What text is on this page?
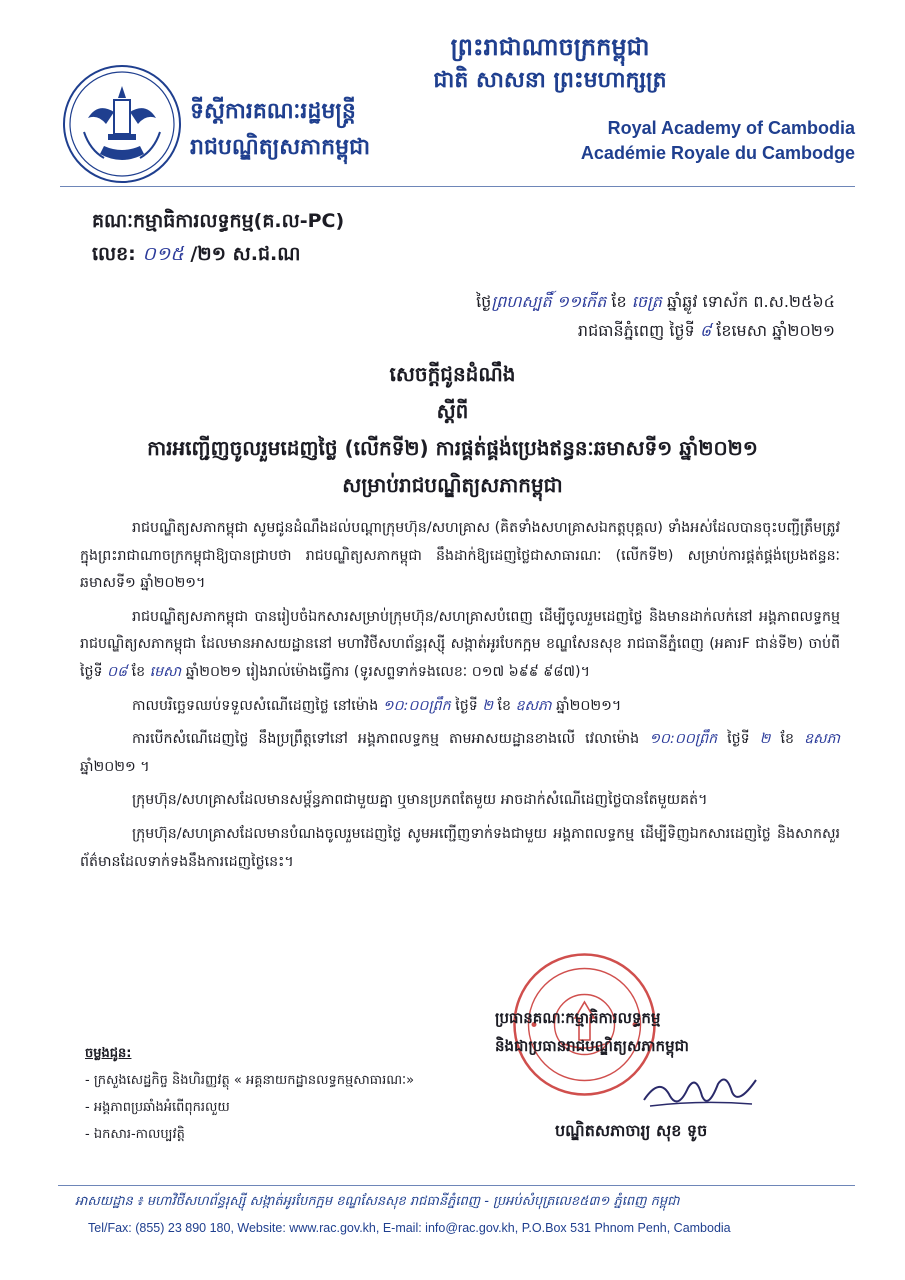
ព្រះរាជាណាចក្រកម្ពុជា
ជាតិ សាសនា ព្រះមហាក្សត្រ
ទីស្ដីការគណៈរដ្ឋមន្ត្រី
រាជបណ្ឌិត្យសភាកម្ពុជា
Royal Academy of Cambodia
Académie Royale du Cambodge
គណៈកម្មាធិការលទ្ធកម្ម(គ.ល-PC)
លេខ: ០១៥ /២១ ស.ជ.ណ
ថ្ងៃព្រហស្បតិ៍ ១១កើត ខែ ចេត្រ ឆ្នាំឆ្លូវ ទោស័ក ព.ស.២៥៦៤
រាជធានីភ្នំពេញ ថ្ងៃទី ៨ ខែមេសា ឆ្នាំ២០២១
សេចក្ដីជូនដំណឹង
ស្ដីពី
ការអញ្ជើញចូលរួមដេញថ្លៃ (លើកទី២) ការផ្គត់ផ្គង់ប្រេងឥន្ធនៈឆមាសទី១ ឆ្នាំ២០២១
សម្រាប់រាជបណ្ឌិត្យសភាកម្ពុជា

រាជបណ្ឌិត្យសភាកម្ពុជា សូមជូនដំណឹងដល់បណ្ដាក្រុមហ៊ុន/សហគ្រាស (គិតទាំងសហគ្រាសឯកត្តបុគ្គល) ទាំងអស់ដែលបានចុះបញ្ជីត្រឹមត្រូវក្នុងព្រះរាជាណាចក្រកម្ពុជាឱ្យបានជ្រាបថា រាជបណ្ឌិត្យសភាកម្ពុជា នឹងដាក់ឱ្យដេញថ្លៃជាសាធារណៈ (លើកទី២) សម្រាប់ការផ្គត់ផ្គង់ប្រេងឥន្ធនៈឆមាសទី១ ឆ្នាំ២០២១។

រាជបណ្ឌិត្យសភាកម្ពុជា បានរៀបចំឯកសារសម្រាប់ក្រុមហ៊ុន/សហគ្រាសបំពេញ ដើម្បីចូលរួមដេញថ្លៃ និងមានដាក់លក់នៅ អង្គភាពលទ្ធកម្ម រាជបណ្ឌិត្យសភាកម្ពុជា ដែលមានអាសយដ្ឋាននៅ មហាវិថីសហព័ន្ធរុស្ស៊ី សង្កាត់អូរបែកក្អម ខណ្ឌសែនសុខ រាជធានីភ្នំពេញ (អគារF ជាន់ទី២) ចាប់ពីថ្ងៃទី ០៨ ខែ មេសា ឆ្នាំ២០២១ រៀងរាល់ម៉ោងធ្វើការ (ទូរសព្ទទាក់ទងលេខៈ ០១៧ ៦៩៩ ៩៨៧)។

កាលបរិច្ឆេទឈប់ទទួលសំណើដេញថ្លៃ នៅម៉ោង ១០:០០ព្រឹក ថ្ងៃទី ២ ខែ ឧសភា ឆ្នាំ២០២១។

ការបើកសំណើដេញថ្លៃ នឹងប្រព្រឹត្តទៅនៅ អង្គភាពលទ្ធកម្ម តាមអាសយដ្ឋានខាងលើ វេលាម៉ោង ១០:០០ព្រឹក ថ្ងៃទី ២ ខែ ឧសភា ឆ្នាំ២០២១ ។

ក្រុមហ៊ុន/សហគ្រាសដែលមានសម្ព័ន្ធភាពជាមួយគ្នា ឬមានប្រភពតែមួយ អាចដាក់សំណើដេញថ្លៃបានតែមួយគត់។

ក្រុមហ៊ុន/សហគ្រាសដែលមានបំណងចូលរួមដេញថ្លៃ សូមអញ្ជើញទាក់ទងជាមួយ អង្គភាពលទ្ធកម្ម ដើម្បីទិញឯកសារដេញថ្លៃ និងសាកសួរព័ត៌មានដែលទាក់ទងនឹងការដេញថ្លៃនេះ។

ប្រធានគណៈកម្មាធិការលទ្ធកម្ម
និងជាប្រធានរាជបណ្ឌិត្យសភាកម្ពុជា
បណ្ឌិតសភាចារ្យ សុខ ទូច
ចម្លងជូន:
- ក្រសួងសេដ្ឋកិច្ច និងហិរញ្ញវត្ថុ « អគ្គនាយកដ្ឋានលទ្ធកម្មសាធារណៈ»
- អង្គភាពប្រឆាំងអំពើពុករលួយ
- ឯកសារ-កាលប្បវត្តិ
អាសយដ្ឋាន ៖ មហាវិថីសហព័ន្ធរុស្ស៊ី សង្កាត់អូរបែកក្អម ខណ្ឌសែនសុខ រាជធានីភ្នំពេញ - ប្រអប់សំបុត្រលេខ៥៣១ ភ្នំពេញ កម្ពុជា
Tel/Fax: (855) 23 890 180, Website: www.rac.gov.kh, E-mail: info@rac.gov.kh, P.O.Box 531 Phnom Penh, Cambodia
